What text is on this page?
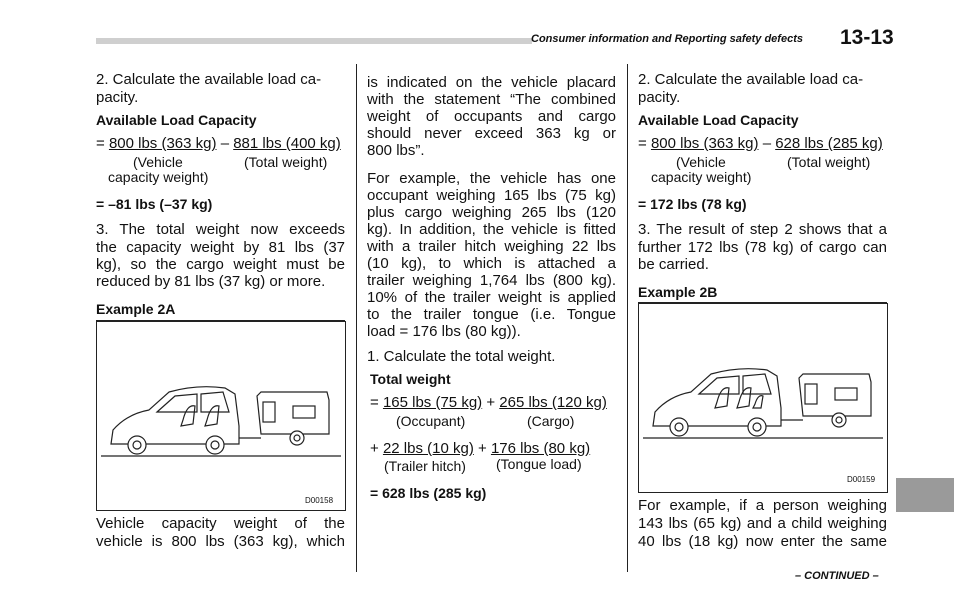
Consumer information and Reporting safety defects 13-13
2. Calculate the available load ca-
pacity.
Available Load Capacity
= 800 lbs (363 kg) – 881 lbs (400 kg)
(Vehicle
capacity weight)
(Total weight)
= –81 lbs (–37 kg)
3. The total weight now exceeds
the capacity weight by 81 lbs (37
kg), so the cargo weight must be
reduced by 81 lbs (37 kg) or more.
Example 2A
D00158
Vehicle capacity weight of the
vehicle is 800 lbs (363 kg), which
is indicated on the vehicle placard
with the statement “The combined
weight of occupants and cargo
should never exceed 363 kg or
800 lbs”.
For example, the vehicle has one
occupant weighing 165 lbs (75 kg)
plus cargo weighing 265 lbs (120
kg). In addition, the vehicle is fitted
with a trailer hitch weighing 22 lbs
(10 kg), to which is attached a
trailer weighing 1,764 lbs (800 kg).
10% of the trailer weight is applied
to the trailer tongue (i.e. Tongue
load = 176 lbs (80 kg)).
1. Calculate the total weight.
Total weight
= 165 lbs (75 kg) + 265 lbs (120 kg)
(Occupant)	(Cargo)
+ 22 lbs (10 kg) + 176 lbs (80 kg)
(Trailer hitch) (Tongue load)
= 628 lbs (285 kg)
2. Calculate the available load ca-
pacity.
Available Load Capacity
= 800 lbs (363 kg) – 628 lbs (285 kg)
(Vehicle
capacity weight)
(Total weight)
= 172 lbs (78 kg)
3. The result of step 2 shows that a
further 172 lbs (78 kg) of cargo can
be carried.
Example 2B
D00159
For example, if a person weighing
143 lbs (65 kg) and a child weighing
40 lbs (18 kg) now enter the same
– CONTINUED –
